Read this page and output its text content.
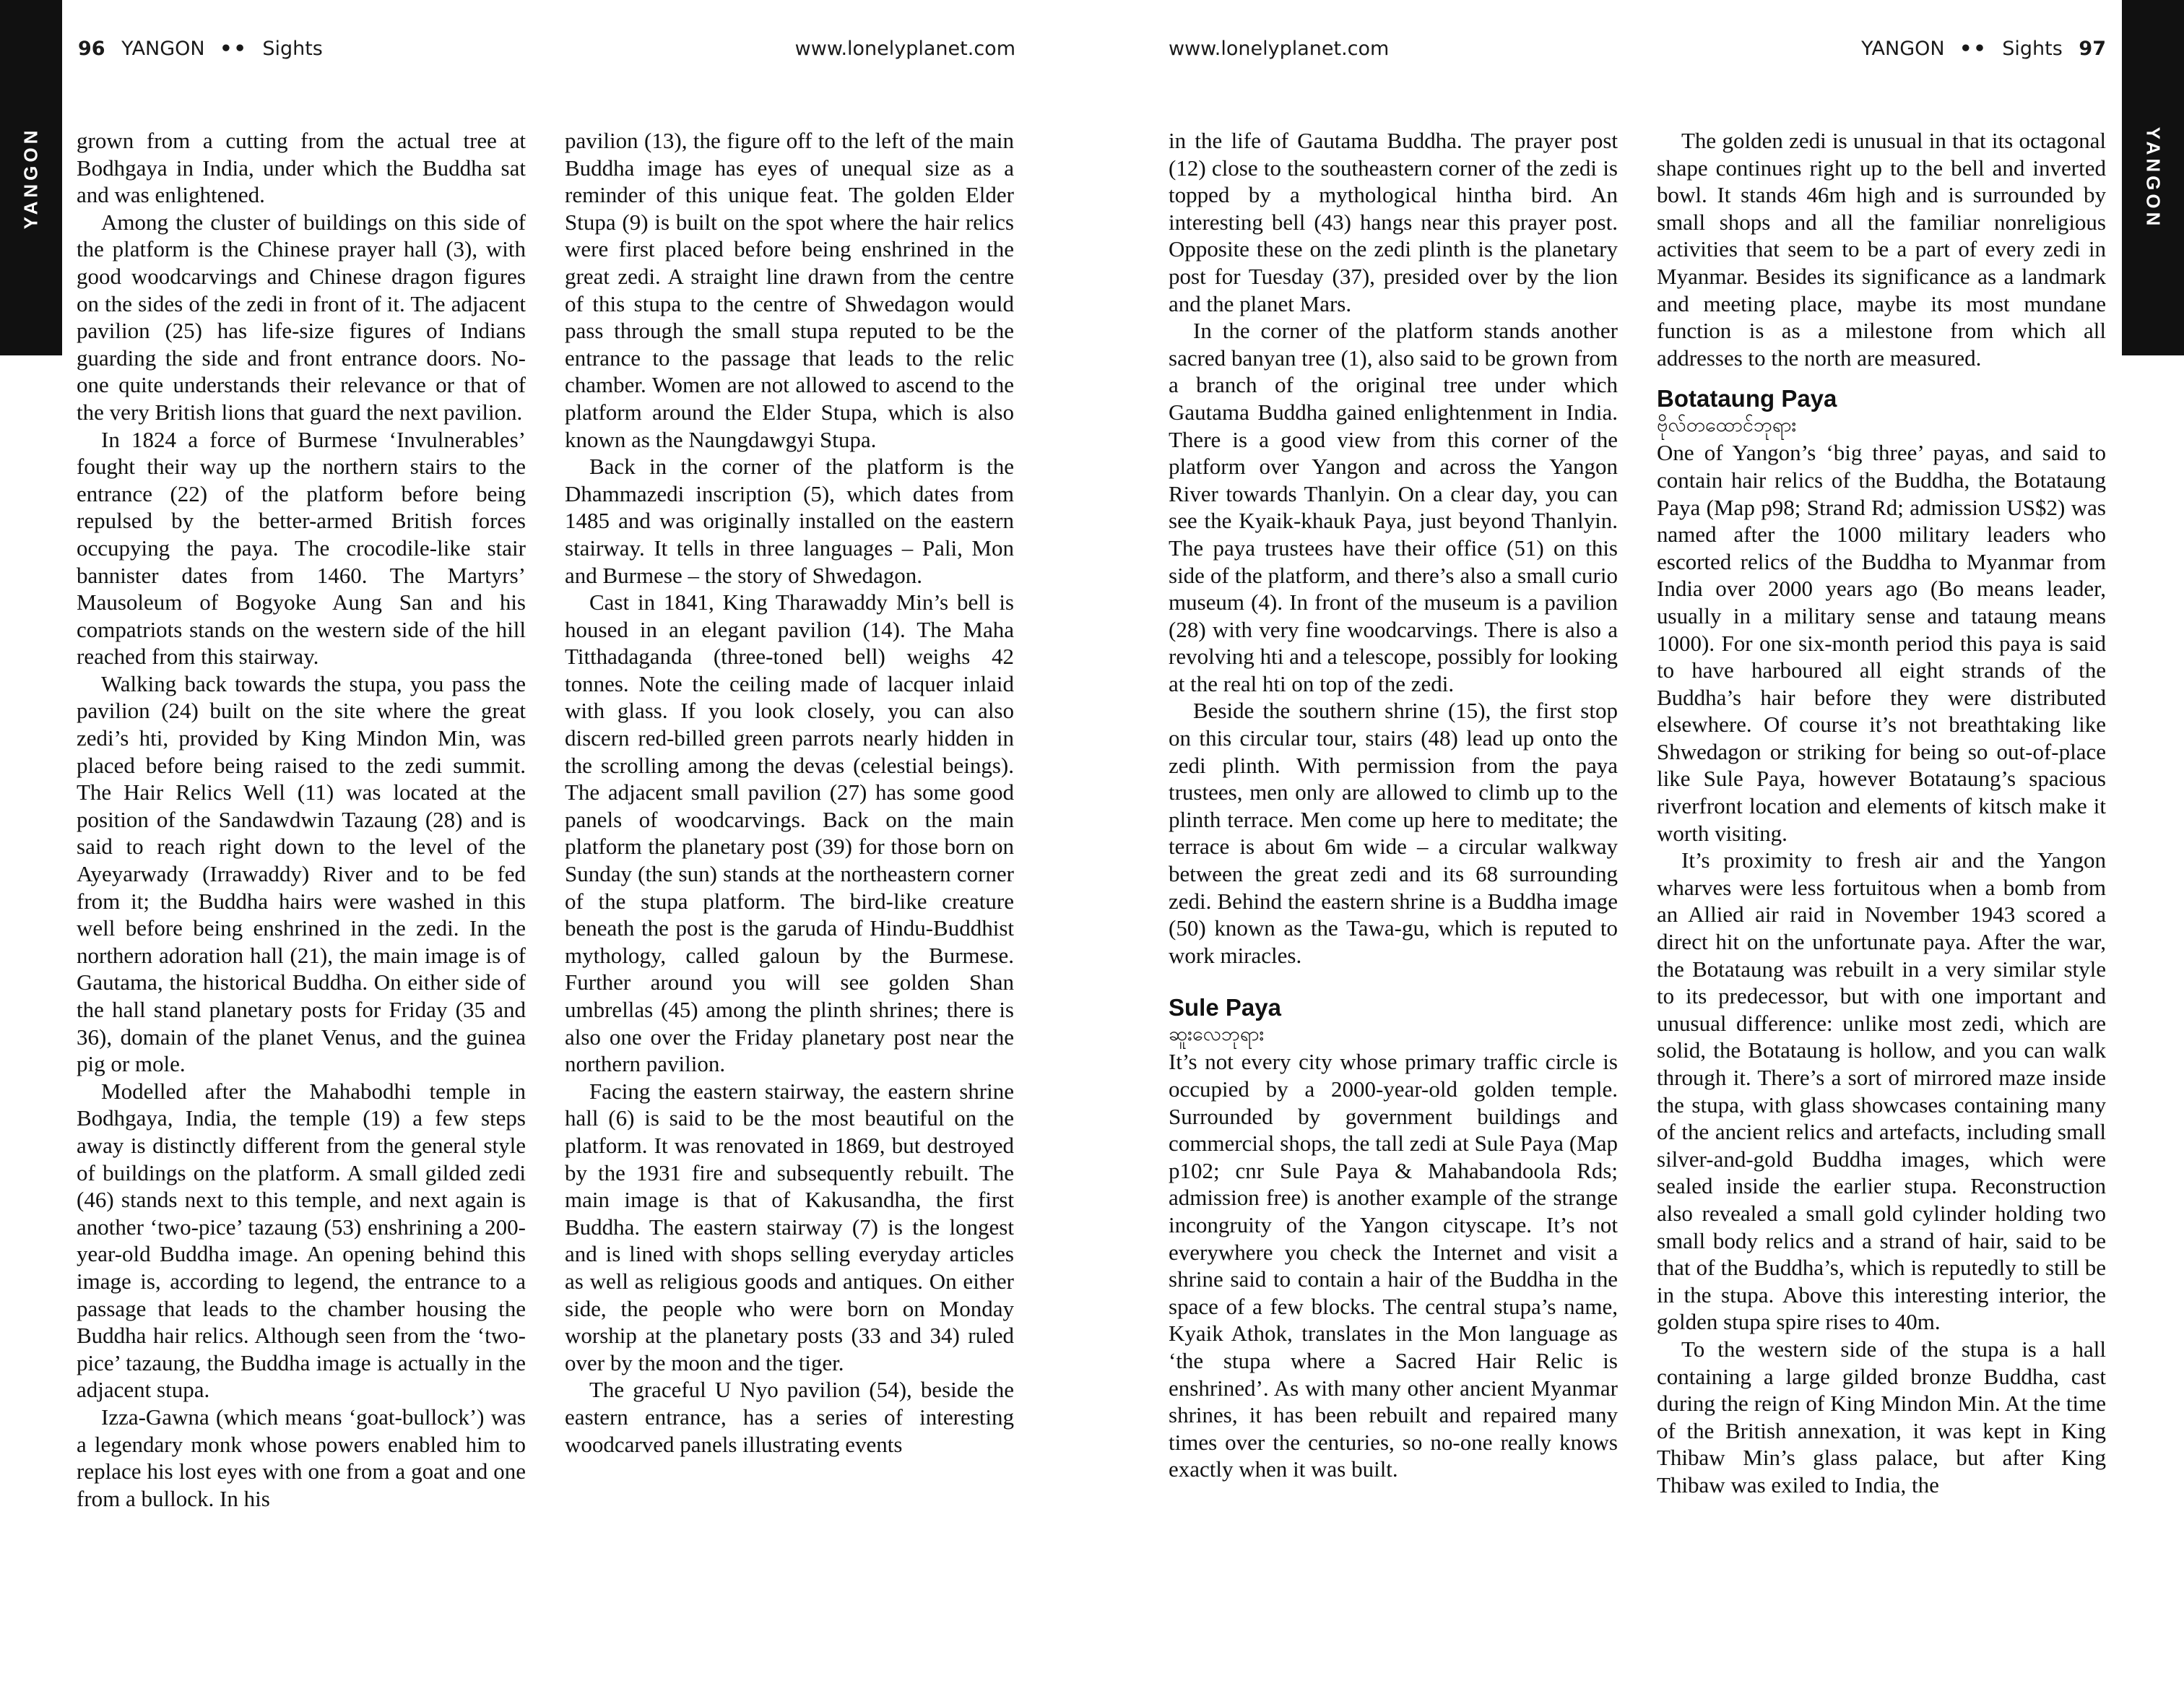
YANGON
96 YANGON •• Sights	www.lonelyplanet.com

grown from a cutting from the actual tree at Bodhgaya in India, under which the Buddha sat and was enlightened.

Among the cluster of buildings on this side of the platform is the Chinese prayer hall (3), with good woodcarvings and Chinese dragon figures on the sides of the zedi in front of it. The adjacent pavilion (25) has life-size figures of Indians guarding the side and front entrance doors. No-one quite understands their relevance or that of the very British lions that guard the next pavilion.

In 1824 a force of Burmese ‘Invulnerables’ fought their way up the northern stairs to the entrance (22) of the platform before being repulsed by the better-armed British forces occupying the paya. The crocodile-like stair bannister dates from 1460. The Martyrs’ Mausoleum of Bogyoke Aung San and his compatriots stands on the western side of the hill reached from this stairway.

Walking back towards the stupa, you pass the pavilion (24) built on the site where the great zedi’s hti, provided by King Mindon Min, was placed before being raised to the zedi summit. The Hair Relics Well (11) was located at the position of the Sandawdwin Tazaung (28) and is said to reach right down to the level of the Ayeyarwady (Irrawaddy) River and to be fed from it; the Buddha hairs were washed in this well before being enshrined in the zedi. In the northern adoration hall (21), the main image is of Gautama, the historical Buddha. On either side of the hall stand planetary posts for Friday (35 and 36), domain of the planet Venus, and the guinea pig or mole.

Modelled after the Mahabodhi temple in Bodhgaya, India, the temple (19) a few steps away is distinctly different from the general style of buildings on the platform. A small gilded zedi (46) stands next to this temple, and next again is another ‘two-pice’ tazaung (53) enshrining a 200-year-old Buddha image. An opening behind this image is, according to legend, the entrance to a passage that leads to the chamber housing the Buddha hair relics. Although seen from the ‘two-pice’ tazaung, the Buddha image is actually in the adjacent stupa.

Izza-Gawna (which means ‘goat-bullock’) was a legendary monk whose powers enabled him to replace his lost eyes with one from a goat and one from a bullock. In his

pavilion (13), the figure off to the left of the main Buddha image has eyes of unequal size as a reminder of this unique feat. The golden Elder Stupa (9) is built on the spot where the hair relics were first placed before being enshrined in the great zedi. A straight line drawn from the centre of this stupa to the centre of Shwedagon would pass through the small stupa reputed to be the entrance to the passage that leads to the relic chamber. Women are not allowed to ascend to the platform around the Elder Stupa, which is also known as the Naungdawgyi Stupa.

Back in the corner of the platform is the Dhammazedi inscription (5), which dates from 1485 and was originally installed on the eastern stairway. It tells in three languages – Pali, Mon and Burmese – the story of Shwedagon.

Cast in 1841, King Tharawaddy Min’s bell is housed in an elegant pavilion (14). The Maha Titthadaganda (three-toned bell) weighs 42 tonnes. Note the ceiling made of lacquer inlaid with glass. If you look closely, you can also discern red-billed green parrots nearly hidden in the scrolling among the devas (celestial beings). The adjacent small pavilion (27) has some good panels of woodcarvings. Back on the main platform the planetary post (39) for those born on Sunday (the sun) stands at the northeastern corner of the stupa platform. The bird-like creature beneath the post is the garuda of Hindu-Buddhist mythology, called galoun by the Burmese. Further around you will see golden Shan umbrellas (45) among the plinth shrines; there is also one over the Friday planetary post near the northern pavilion.

Facing the eastern stairway, the eastern shrine hall (6) is said to be the most beautiful on the platform. It was renovated in 1869, but destroyed by the 1931 fire and subsequently rebuilt. The main image is that of Kakusandha, the first Buddha. The eastern stairway (7) is the longest and is lined with shops selling everyday articles as well as religious goods and antiques. On either side, the people who were born on Monday worship at the planetary posts (33 and 34) ruled over by the moon and the tiger.

The graceful U Nyo pavilion (54), beside the eastern entrance, has a series of interesting woodcarved panels illustrating events

YANGON
www.lonelyplanet.com	YANGON •• Sights 97

in the life of Gautama Buddha. The prayer post (12) close to the southeastern corner of the zedi is topped by a mythological hintha bird. An interesting bell (43) hangs near this prayer post. Opposite these on the zedi plinth is the planetary post for Tuesday (37), presided over by the lion and the planet Mars.

In the corner of the platform stands another sacred banyan tree (1), also said to be grown from a branch of the original tree under which Gautama Buddha gained enlightenment in India. There is a good view from this corner of the platform over Yangon and across the Yangon River towards Thanlyin. On a clear day, you can see the Kyaik-khauk Paya, just beyond Thanlyin. The paya trustees have their office (51) on this side of the platform, and there’s also a small curio museum (4). In front of the museum is a pavilion (28) with very fine woodcarvings. There is also a revolving hti and a telescope, possibly for looking at the real hti on top of the zedi.

Beside the southern shrine (15), the first stop on this circular tour, stairs (48) lead up onto the zedi plinth. With permission from the paya trustees, men only are allowed to climb up to the plinth terrace. Men come up here to meditate; the terrace is about 6m wide – a circular walkway between the great zedi and its 68 surrounding zedi. Behind the eastern shrine is a Buddha image (50) known as the Tawa-gu, which is reputed to work miracles.

Sule Paya
ဆူးလေဘုရား

It’s not every city whose primary traffic circle is occupied by a 2000-year-old golden temple. Surrounded by government buildings and commercial shops, the tall zedi at Sule Paya (Map p102; cnr Sule Paya & Mahabandoola Rds; admission free) is another example of the strange incongruity of the Yangon cityscape. It’s not everywhere you check the Internet and visit a shrine said to contain a hair of the Buddha in the space of a few blocks. The central stupa’s name, Kyaik Athok, translates in the Mon language as ‘the stupa where a Sacred Hair Relic is enshrined’. As with many other ancient Myanmar shrines, it has been rebuilt and repaired many times over the centuries, so no-one really knows exactly when it was built.

The golden zedi is unusual in that its octagonal shape continues right up to the bell and inverted bowl. It stands 46m high and is surrounded by small shops and all the familiar nonreligious activities that seem to be a part of every zedi in Myanmar. Besides its significance as a landmark and meeting place, maybe its most mundane function is as a milestone from which all addresses to the north are measured.

Botataung Paya
ဗိုလ်တထောင်ဘုရား

One of Yangon’s ‘big three’ payas, and said to contain hair relics of the Buddha, the Botataung Paya (Map p98; Strand Rd; admission US$2) was named after the 1000 military leaders who escorted relics of the Buddha to Myanmar from India over 2000 years ago (Bo means leader, usually in a military sense and tataung means 1000). For one six-month period this paya is said to have harboured all eight strands of the Buddha’s hair before they were distributed elsewhere. Of course it’s not breathtaking like Shwedagon or striking for being so out-of-place like Sule Paya, however Botataung’s spacious riverfront location and elements of kitsch make it worth visiting.

It’s proximity to fresh air and the Yangon wharves were less fortuitous when a bomb from an Allied air raid in November 1943 scored a direct hit on the unfortunate paya. After the war, the Botataung was rebuilt in a very similar style to its predecessor, but with one important and unusual difference: unlike most zedi, which are solid, the Botataung is hollow, and you can walk through it. There’s a sort of mirrored maze inside the stupa, with glass showcases containing many of the ancient relics and artefacts, including small silver-and-gold Buddha images, which were sealed inside the earlier stupa. Reconstruction also revealed a small gold cylinder holding two small body relics and a strand of hair, said to be that of the Buddha’s, which is reputedly to still be in the stupa. Above this interesting interior, the golden stupa spire rises to 40m.

To the western side of the stupa is a hall containing a large gilded bronze Buddha, cast during the reign of King Mindon Min. At the time of the British annexation, it was kept in King Thibaw Min’s glass palace, but after King Thibaw was exiled to India, the
